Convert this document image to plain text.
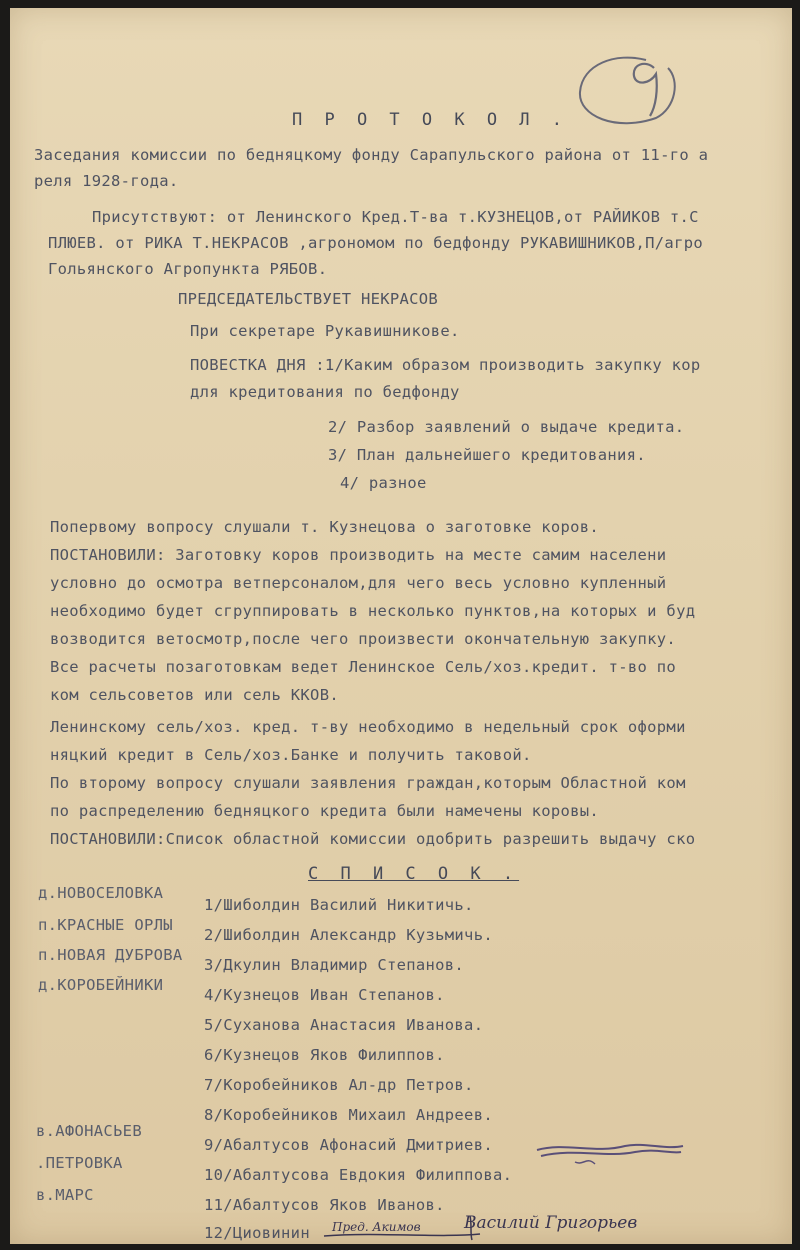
П Р О Т О К О Л .
Заседания комиссии по бедняцкому фонду Сарапульского района от 11-го а
реля 1928-года.
Присутствуют: от Ленинского Кред.Т-ва т.КУЗНЕЦОВ,от РАЙИКОВ т.С
ПЛЮЕВ. от РИКА Т.НЕКРАСОВ ,агрономом по бедфонду РУКАВИШНИКОВ,П/агро
Гольянского Агропункта РЯБОВ.
ПРЕДСЕДАТЕЛЬСТВУЕТ НЕКРАСОВ
При секретаре Рукавишникове.
ПОВЕСТКА ДНЯ :1/Каким образом производить закупку кор
для кредитования по бедфонду
2/ Разбор заявлений о выдаче кредита.
3/ План дальнейшего кредитования.
4/ разное
Попервому вопросу слушали т. Кузнецова о заготовке коров.
ПОСТАНОВИЛИ: Заготовку коров производить на месте самим населени
условно до осмотра ветперсоналом,для чего весь условно купленный
необходимо будет сгруппировать в несколько пунктов,на которых и буд
возводится ветосмотр,после чего произвести окончательную закупку.
Все расчеты позаготовкам ведет Ленинское Сель/хоз.кредит. т-во по
ком сельсоветов или сель ККОВ.
Ленинскому сель/хоз. кред. т-ву необходимо в недельный срок оформи
няцкий кредит в Сель/хоз.Банке и получить таковой.
По второму вопросу слушали заявления граждан,которым Областной ком
по распределению бедняцкого кредита были намечены коровы.
ПОСТАНОВИЛИ:Список областной комиссии одобрить разрешить выдачу ско
С П И С О К .
д.НОВОСЕЛОВКА
п.КРАСНЫЕ ОРЛЫ
п.НОВАЯ ДУБРОВА
д.КОРОБЕЙНИКИ
в.АФОНАСЬЕВ
.ПЕТРОВКА
в.МАРС
1/Шиболдин Василий Никитичь.
2/Шиболдин Александр Кузьмичь.
3/Дкулин Владимир Степанов.
4/Кузнецов Иван Степанов.
5/Суханова Анастасия Иванова.
6/Кузнецов Яков Филиппов.
7/Коробейников Ал-др Петров.
8/Коробейников Михаил Андреев.
9/Абалтусов Афонасий Дмитриев.
10/Абалтусова Евдокия Филиппова.
11/Абалтусов Яков Иванов.
12/Циовинин Пред. Акимов	Василий Григорьев
